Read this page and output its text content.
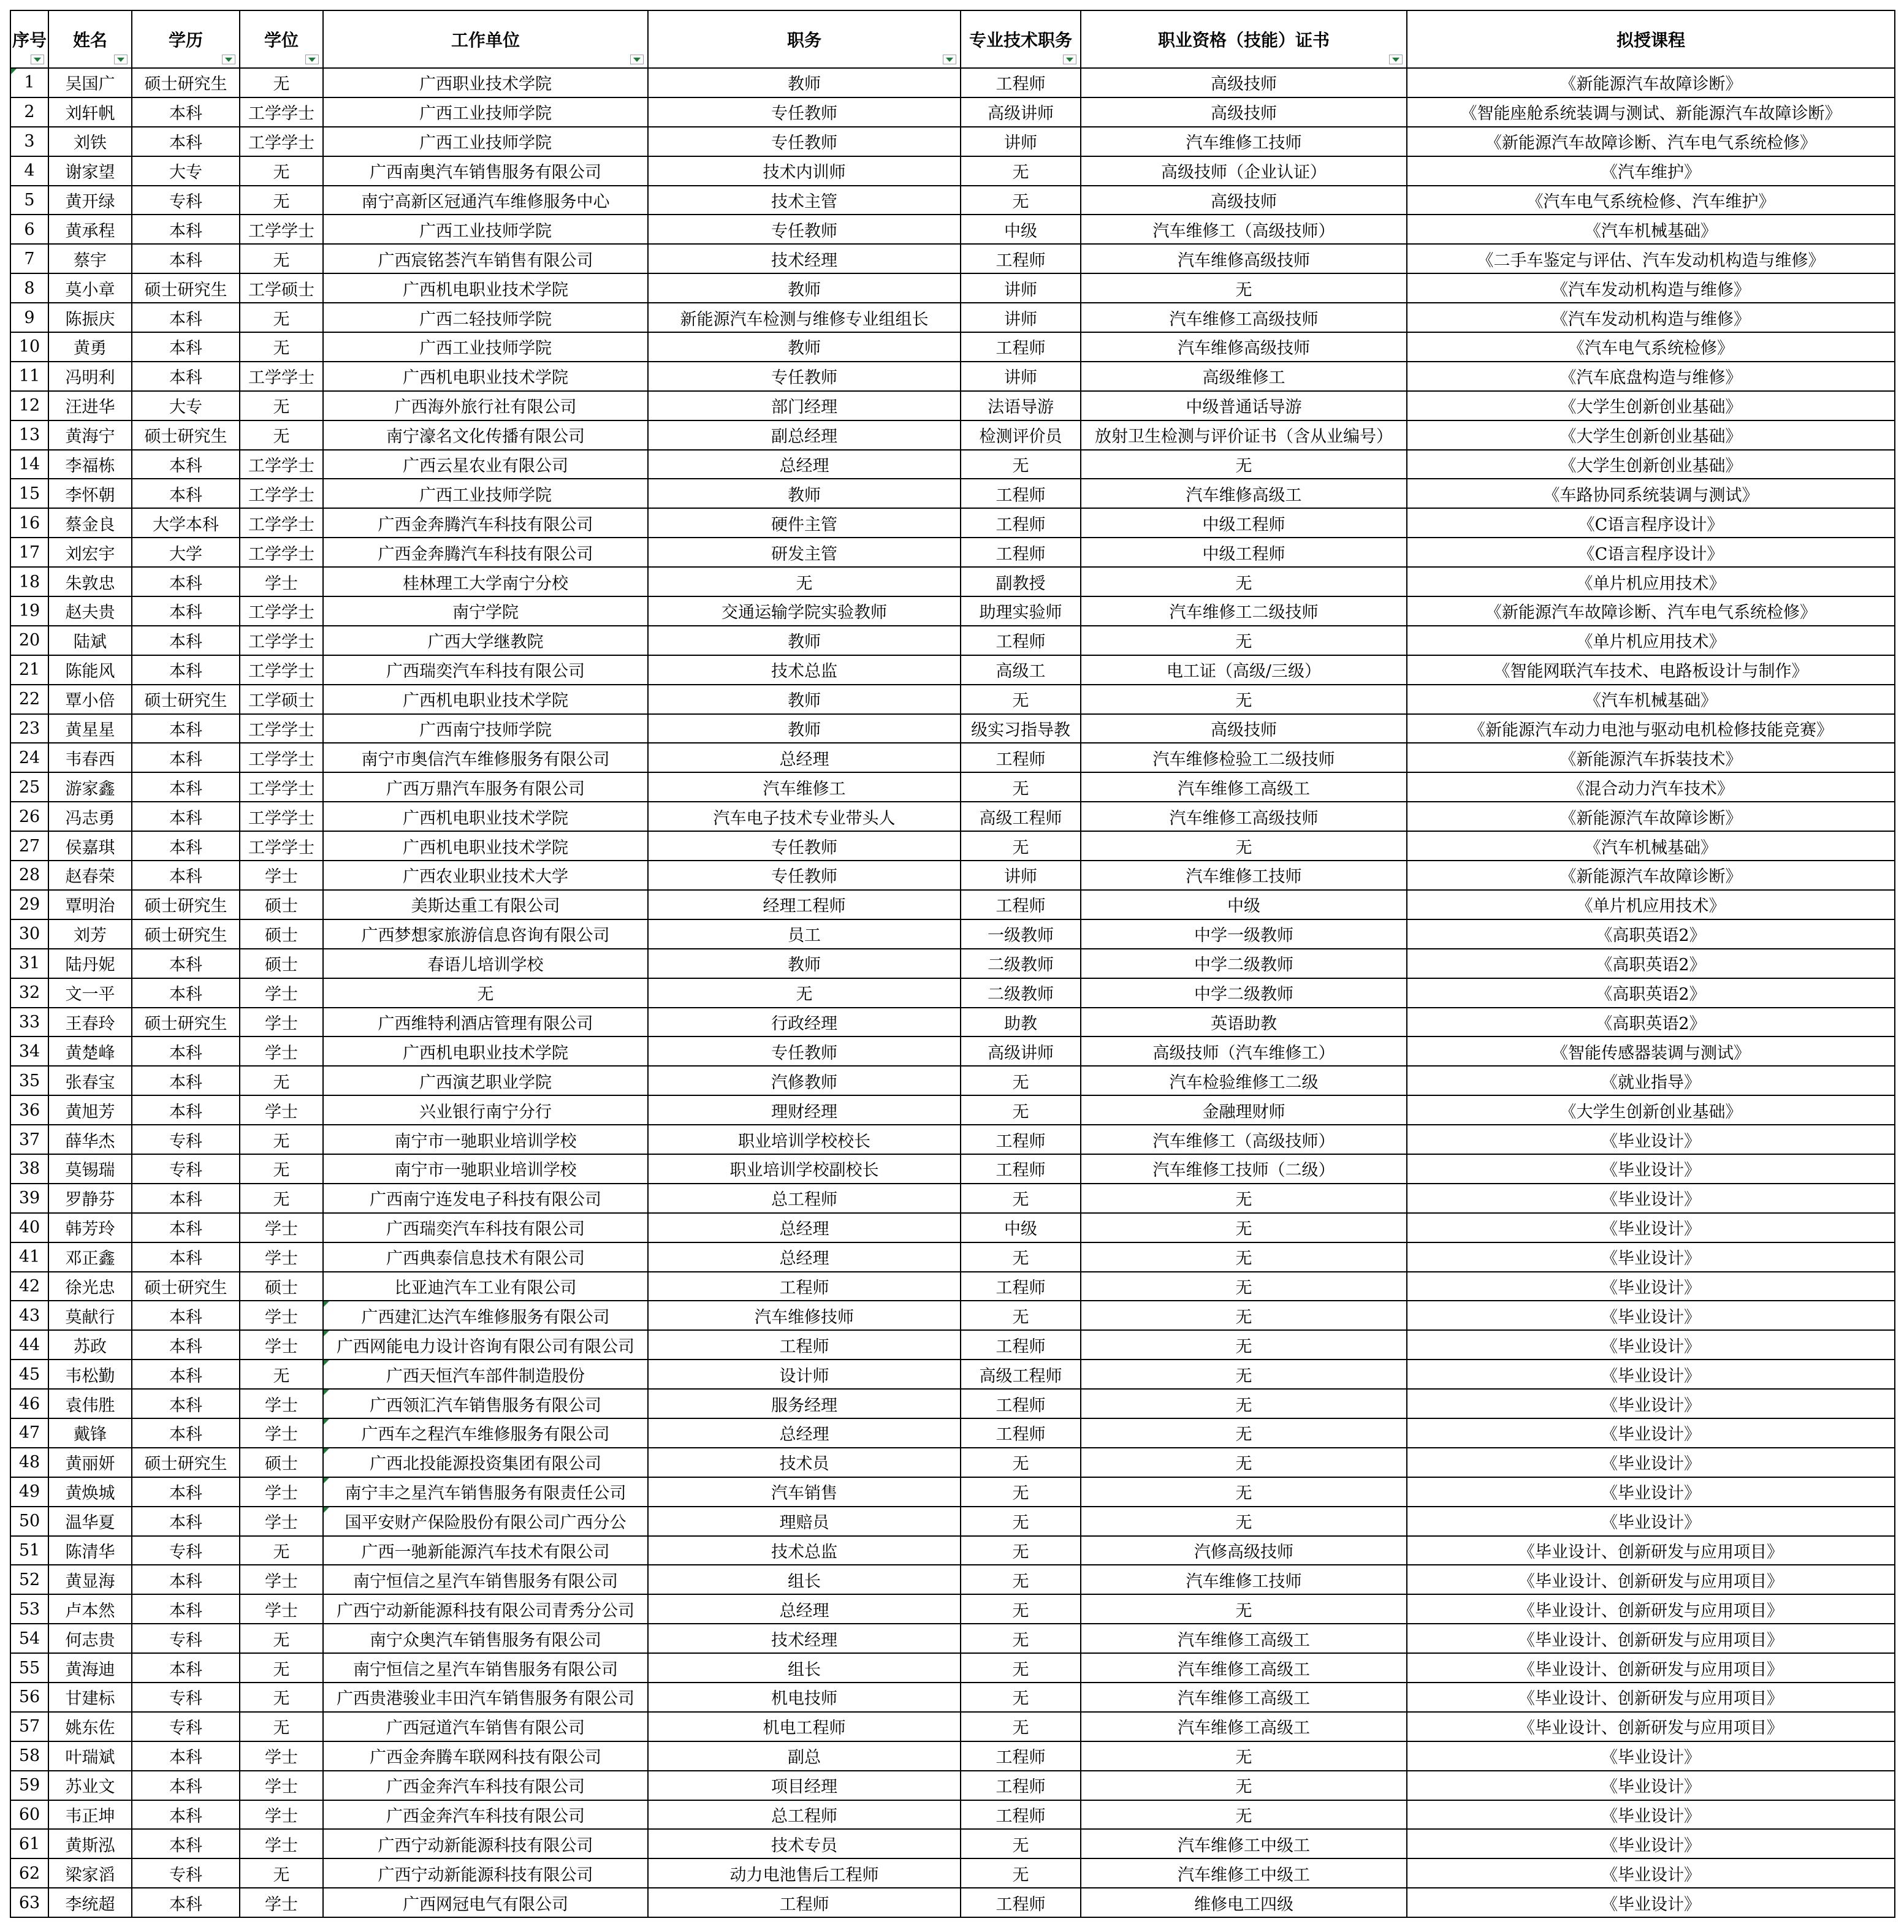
序号	姓名	学历	学位	工作单位	职务	专业技术职务	职业资格（技能）证书	拟授课程
1	吴国广	硕士研究生	无	广西职业技术学院	教师	工程师	高级技师	《新能源汽车故障诊断》
2	刘轩帆	本科	工学学士	广西工业技师学院	专任教师	高级讲师	高级技师	《智能座舱系统装调与测试、新能源汽车故障诊断》
3	刘铁	本科	工学学士	广西工业技师学院	专任教师	讲师	汽车维修工技师	《新能源汽车故障诊断、汽车电气系统检修》
4	谢家望	大专	无	广西南奥汽车销售服务有限公司	技术内训师	无	高级技师（企业认证）	《汽车维护》
5	黄开绿	专科	无	南宁高新区冠通汽车维修服务中心	技术主管	无	高级技师	《汽车电气系统检修、汽车维护》
6	黄承程	本科	工学学士	广西工业技师学院	专任教师	中级	汽车维修工（高级技师）	《汽车机械基础》
7	蔡宇	本科	无	广西宸铭荟汽车销售有限公司	技术经理	工程师	汽车维修高级技师	《二手车鉴定与评估、汽车发动机构造与维修》
8	莫小章	硕士研究生	工学硕士	广西机电职业技术学院	教师	讲师	无	《汽车发动机构造与维修》
9	陈振庆	本科	无	广西二轻技师学院	新能源汽车检测与维修专业组组长	讲师	汽车维修工高级技师	《汽车发动机构造与维修》
10	黄勇	本科	无	广西工业技师学院	教师	工程师	汽车维修高级技师	《汽车电气系统检修》
11	冯明利	本科	工学学士	广西机电职业技术学院	专任教师	讲师	高级维修工	《汽车底盘构造与维修》
12	汪进华	大专	无	广西海外旅行社有限公司	部门经理	法语导游	中级普通话导游	《大学生创新创业基础》
13	黄海宁	硕士研究生	无	南宁濠名文化传播有限公司	副总经理	检测评价员	放射卫生检测与评价证书（含从业编号）	《大学生创新创业基础》
14	李福栋	本科	工学学士	广西云星农业有限公司	总经理	无	无	《大学生创新创业基础》
15	李怀朝	本科	工学学士	广西工业技师学院	教师	工程师	汽车维修高级工	《车路协同系统装调与测试》
16	蔡金良	大学本科	工学学士	广西金奔腾汽车科技有限公司	硬件主管	工程师	中级工程师	《C语言程序设计》
17	刘宏宇	大学	工学学士	广西金奔腾汽车科技有限公司	研发主管	工程师	中级工程师	《C语言程序设计》
18	朱敦忠	本科	学士	桂林理工大学南宁分校	无	副教授	无	《单片机应用技术》
19	赵夫贵	本科	工学学士	南宁学院	交通运输学院实验教师	助理实验师	汽车维修工二级技师	《新能源汽车故障诊断、汽车电气系统检修》
20	陆斌	本科	工学学士	广西大学继教院	教师	工程师	无	《单片机应用技术》
21	陈能风	本科	工学学士	广西瑞奕汽车科技有限公司	技术总监	高级工	电工证（高级/三级）	《智能网联汽车技术、电路板设计与制作》
22	覃小倍	硕士研究生	工学硕士	广西机电职业技术学院	教师	无	无	《汽车机械基础》
23	黄星星	本科	工学学士	广西南宁技师学院	教师	级实习指导教	高级技师	《新能源汽车动力电池与驱动电机检修技能竞赛》
24	韦春西	本科	工学学士	南宁市奥信汽车维修服务有限公司	总经理	工程师	汽车维修检验工二级技师	《新能源汽车拆装技术》
25	游家鑫	本科	工学学士	广西万鼎汽车服务有限公司	汽车维修工	无	汽车维修工高级工	《混合动力汽车技术》
26	冯志勇	本科	工学学士	广西机电职业技术学院	汽车电子技术专业带头人	高级工程师	汽车维修工高级技师	《新能源汽车故障诊断》
27	侯嘉琪	本科	工学学士	广西机电职业技术学院	专任教师	无	无	《汽车机械基础》
28	赵春荣	本科	学士	广西农业职业技术大学	专任教师	讲师	汽车维修工技师	《新能源汽车故障诊断》
29	覃明治	硕士研究生	硕士	美斯达重工有限公司	经理工程师	工程师	中级	《单片机应用技术》
30	刘芳	硕士研究生	硕士	广西梦想家旅游信息咨询有限公司	员工	一级教师	中学一级教师	《高职英语2》
31	陆丹妮	本科	硕士	春语儿培训学校	教师	二级教师	中学二级教师	《高职英语2》
32	文一平	本科	学士	无	无	二级教师	中学二级教师	《高职英语2》
33	王春玲	硕士研究生	学士	广西维特利酒店管理有限公司	行政经理	助教	英语助教	《高职英语2》
34	黄楚峰	本科	学士	广西机电职业技术学院	专任教师	高级讲师	高级技师（汽车维修工）	《智能传感器装调与测试》
35	张春宝	本科	无	广西演艺职业学院	汽修教师	无	汽车检验维修工二级	《就业指导》
36	黄旭芳	本科	学士	兴业银行南宁分行	理财经理	无	金融理财师	《大学生创新创业基础》
37	薛华杰	专科	无	南宁市一驰职业培训学校	职业培训学校校长	工程师	汽车维修工（高级技师）	《毕业设计》
38	莫锡瑞	专科	无	南宁市一驰职业培训学校	职业培训学校副校长	工程师	汽车维修工技师（二级）	《毕业设计》
39	罗静芬	本科	无	广西南宁连发电子科技有限公司	总工程师	无	无	《毕业设计》
40	韩芳玲	本科	学士	广西瑞奕汽车科技有限公司	总经理	中级	无	《毕业设计》
41	邓正鑫	本科	学士	广西典泰信息技术有限公司	总经理	无	无	《毕业设计》
42	徐光忠	硕士研究生	硕士	比亚迪汽车工业有限公司	工程师	工程师	无	《毕业设计》
43	莫献行	本科	学士	广西建汇达汽车维修服务有限公司	汽车维修技师	无	无	《毕业设计》
44	苏政	本科	学士	广西网能电力设计咨询有限公司有限公司	工程师	工程师	无	《毕业设计》
45	韦松勤	本科	无	广西天恒汽车部件制造股份	设计师	高级工程师	无	《毕业设计》
46	袁伟胜	本科	学士	广西领汇汽车销售服务有限公司	服务经理	工程师	无	《毕业设计》
47	戴锋	本科	学士	广西车之程汽车维修服务有限公司	总经理	工程师	无	《毕业设计》
48	黄丽妍	硕士研究生	硕士	广西北投能源投资集团有限公司	技术员	无	无	《毕业设计》
49	黄焕城	本科	学士	南宁丰之星汽车销售服务有限责任公司	汽车销售	无	无	《毕业设计》
50	温华夏	本科	学士	国平安财产保险股份有限公司广西分公	理赔员	无	无	《毕业设计》
51	陈清华	专科	无	广西一驰新能源汽车技术有限公司	技术总监	无	汽修高级技师	《毕业设计、创新研发与应用项目》
52	黄显海	本科	学士	南宁恒信之星汽车销售服务有限公司	组长	无	汽车维修工技师	《毕业设计、创新研发与应用项目》
53	卢本然	本科	学士	广西宁动新能源科技有限公司青秀分公司	总经理	无	无	《毕业设计、创新研发与应用项目》
54	何志贵	专科	无	南宁众奥汽车销售服务有限公司	技术经理	无	汽车维修工高级工	《毕业设计、创新研发与应用项目》
55	黄海迪	本科	无	南宁恒信之星汽车销售服务有限公司	组长	无	汽车维修工高级工	《毕业设计、创新研发与应用项目》
56	甘建标	专科	无	广西贵港骏业丰田汽车销售服务有限公司	机电技师	无	汽车维修工高级工	《毕业设计、创新研发与应用项目》
57	姚东佐	专科	无	广西冠道汽车销售有限公司	机电工程师	无	汽车维修工高级工	《毕业设计、创新研发与应用项目》
58	叶瑞斌	本科	学士	广西金奔腾车联网科技有限公司	副总	工程师	无	《毕业设计》
59	苏业文	本科	学士	广西金奔汽车科技有限公司	项目经理	工程师	无	《毕业设计》
60	韦正坤	本科	学士	广西金奔汽车科技有限公司	总工程师	工程师	无	《毕业设计》
61	黄斯泓	本科	学士	广西宁动新能源科技有限公司	技术专员	无	汽车维修工中级工	《毕业设计》
62	梁家滔	专科	无	广西宁动新能源科技有限公司	动力电池售后工程师	无	汽车维修工中级工	《毕业设计》
63	李统超	本科	学士	广西网冠电气有限公司	工程师	工程师	维修电工四级	《毕业设计》
